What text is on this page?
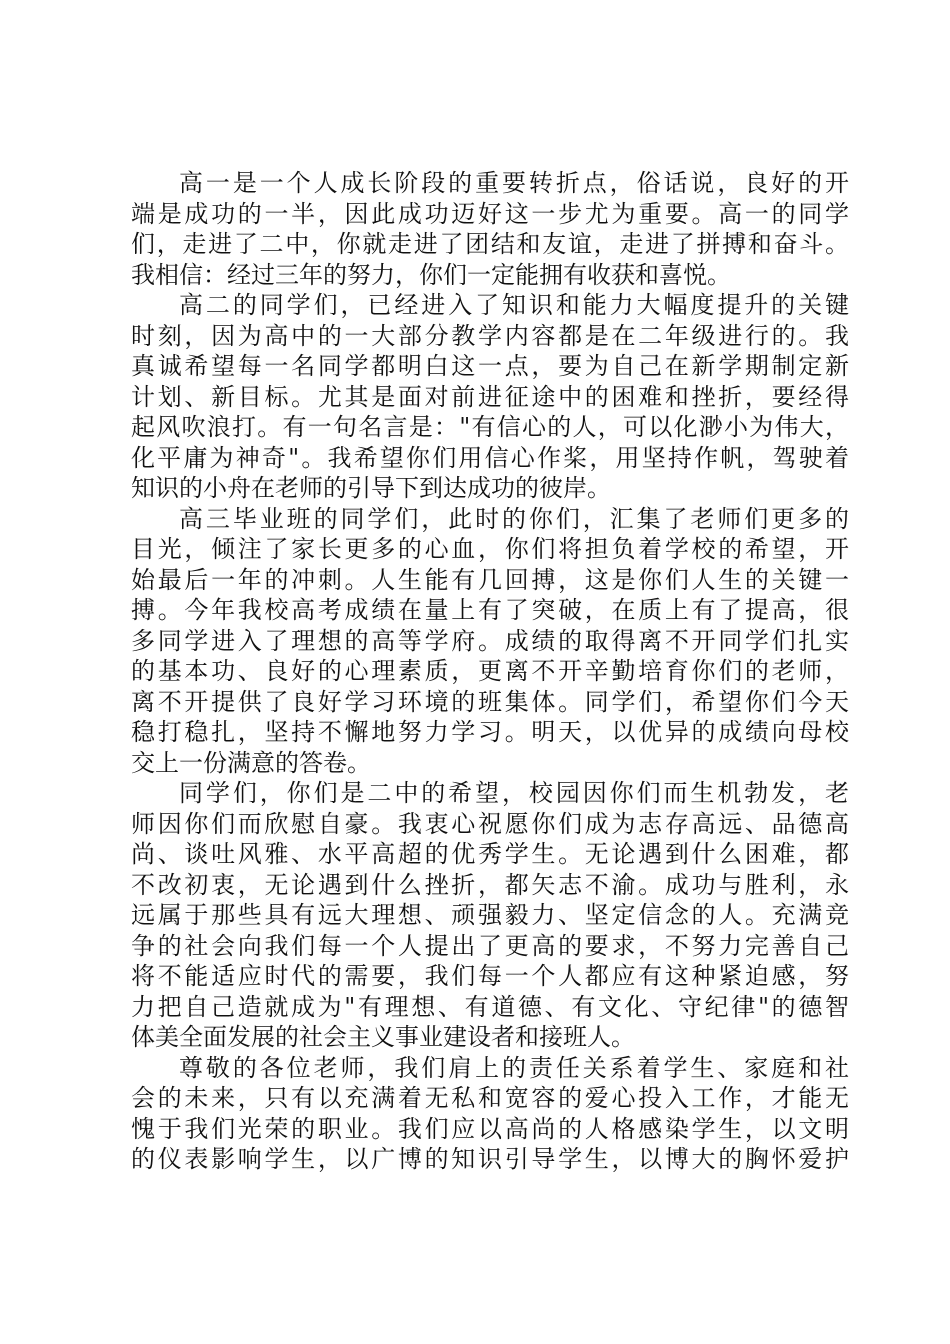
高一是一个人成长阶段的重要转折点，俗话说，良好的开
端是成功的一半，因此成功迈好这一步尤为重要。高一的同学
们，走进了二中，你就走进了团结和友谊，走进了拼搏和奋斗。
我相信：经过三年的努力，你们一定能拥有收获和喜悦。
高二的同学们，已经进入了知识和能力大幅度提升的关键
时刻，因为高中的一大部分教学内容都是在二年级进行的。我
真诚希望每一名同学都明白这一点，要为自己在新学期制定新
计划、新目标。尤其是面对前进征途中的困难和挫折，要经得
起风吹浪打。有一句名言是："有信心的人，可以化渺小为伟大，
化平庸为神奇"。我希望你们用信心作桨，用坚持作帆，驾驶着
知识的小舟在老师的引导下到达成功的彼岸。
高三毕业班的同学们，此时的你们，汇集了老师们更多的
目光，倾注了家长更多的心血，你们将担负着学校的希望，开
始最后一年的冲刺。人生能有几回搏，这是你们人生的关键一
搏。今年我校高考成绩在量上有了突破，在质上有了提高，很
多同学进入了理想的高等学府。成绩的取得离不开同学们扎实
的基本功、良好的心理素质，更离不开辛勤培育你们的老师，
离不开提供了良好学习环境的班集体。同学们，希望你们今天
稳打稳扎，坚持不懈地努力学习。明天，以优异的成绩向母校
交上一份满意的答卷。
同学们，你们是二中的希望，校园因你们而生机勃发，老
师因你们而欣慰自豪。我衷心祝愿你们成为志存高远、品德高
尚、谈吐风雅、水平高超的优秀学生。无论遇到什么困难，都
不改初衷，无论遇到什么挫折，都矢志不渝。成功与胜利，永
远属于那些具有远大理想、顽强毅力、坚定信念的人。充满竞
争的社会向我们每一个人提出了更高的要求，不努力完善自己
将不能适应时代的需要，我们每一个人都应有这种紧迫感，努
力把自己造就成为"有理想、有道德、有文化、守纪律"的德智
体美全面发展的社会主义事业建设者和接班人。
尊敬的各位老师，我们肩上的责任关系着学生、家庭和社
会的未来，只有以充满着无私和宽容的爱心投入工作，才能无
愧于我们光荣的职业。我们应以高尚的人格感染学生，以文明
的仪表影响学生，以广博的知识引导学生，以博大的胸怀爱护
